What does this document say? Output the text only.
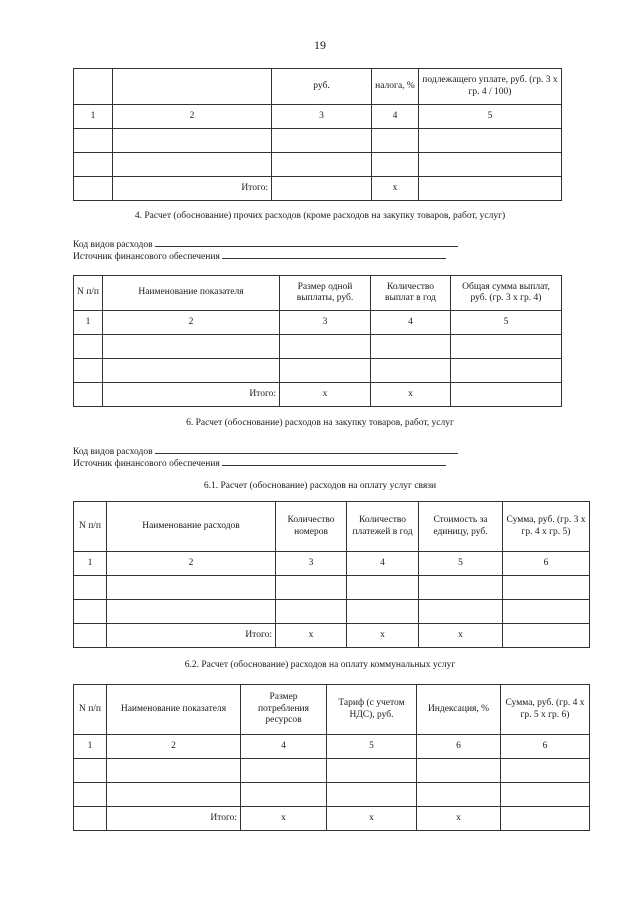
19
		руб.	налога, %	подлежащего уплате, руб. (гр. 3 х гр. 4 / 100)
1	2	3	4	5

	Итого:		x	
4. Расчет (обоснование) прочих расходов (кроме расходов на закупку товаров, работ, услуг)
Код видов расходов
Источник финансового обеспечения
N п/п	Наименование показателя	Размер одной выплаты, руб.	Количество выплат в год	Общая сумма выплат, руб. (гр. 3 х гр. 4)
1	2	3	4	5

	Итого:	x	x	
6. Расчет (обоснование) расходов на закупку товаров, работ, услуг
Код видов расходов
Источник финансового обеспечения
6.1. Расчет (обоснование) расходов на оплату услуг связи
N п/п	Наименование расходов	Количество номеров	Количество платежей в год	Стоимость за единицу, руб.	Сумма, руб. (гр. 3 х гр. 4 х гр. 5)
1	2	3	4	5	6

	Итого:	x	x	x	
6.2. Расчет (обоснование) расходов на оплату коммунальных услуг
N п/п	Наименование показателя	Размер потребления ресурсов	Тариф (с учетом НДС), руб.	Индексация, %	Сумма, руб. (гр. 4 х гр. 5 х гр. 6)
1	2	4	5	6	6

	Итого:	x	x	x	
